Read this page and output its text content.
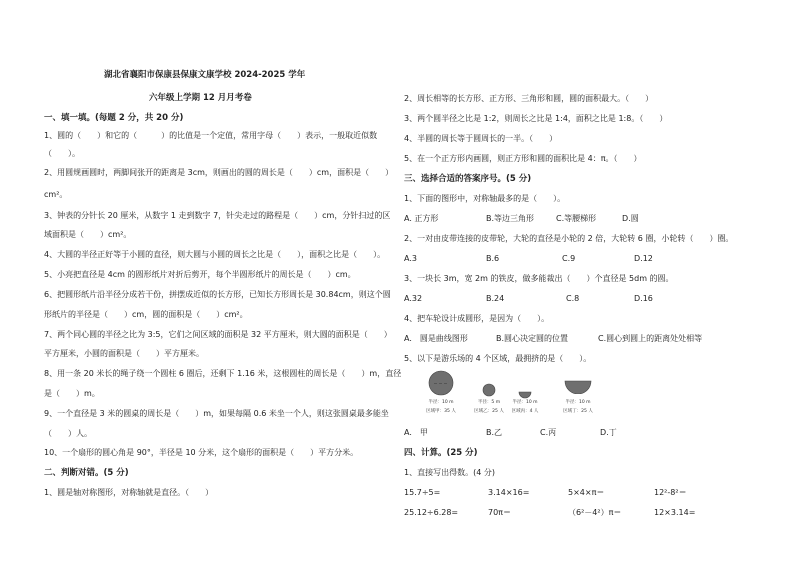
湖北省襄阳市保康县保康文康学校 2024-2025 学年
六年级上学期 12 月月考卷
一、填一填。(每题 2 分，共 20 分)
1、圆的（　　）和它的（　　　）的比值是一个定值，常用字母（　　）表示，一般取近似数
（　　）。
2、用圆规画圆时，两脚间张开的距离是 3cm，则画出的圆的周长是（　　）cm，面积是（　　）
cm²。
3、钟表的分针长 20 厘米，从数字 1 走到数字 7，针尖走过的路程是（　　）cm，分针扫过的区
域面积是（　　）cm²。
4、大圆的半径正好等于小圆的直径，则大圆与小圆的周长之比是（　　），面积之比是（　　）。
5、小亮把直径是 4cm 的圆形纸片对折后剪开，每个半圆形纸片的周长是（　　）cm。
6、把圆形纸片沿半径分成若干份，拼摆成近似的长方形，已知长方形周长是 30.84cm，则这个圆
形纸片的半径是（　　）cm，圆的面积是（　　）cm²。
7、两个同心圆的半径之比为 3:5，它们之间区域的面积是 32 平方厘米，则大圆的面积是（　　）
平方厘米，小圆的面积是（　　）平方厘米。
8、用一条 20 米长的绳子绕一个圆柱 6 圈后，还剩下 1.16 米，这根圆柱的周长是（　　）m，直径
是（　　）m。
9、一个直径是 3 米的圆桌的周长是（　　）m，如果每隔 0.6 米坐一个人，则这张圆桌最多能坐
（　　）人。
10、一个扇形的圆心角是 90°，半径是 10 分米，这个扇形的面积是（　　）平方分米。
二、判断对错。(5 分)
1、圆是轴对称图形，对称轴就是直径。（　　）
2、周长相等的长方形、正方形、三角形和圆，圆的面积最大。（　　）
3、两个圆半径之比是 1:2，则周长之比是 1:4，面积之比是 1:8。（　　）
4、半圆的周长等于圆周长的一半。（　　）
5、在一个正方形内画圆，则正方形和圆的面积比是 4：π。（　　）
三、选择合适的答案序号。(5 分)
1、下面的图形中，对称轴最多的是（　　）。
A. 正方形	B.等边三角形	C.等腰梯形	D.圆
2、一对由皮带连接的皮带轮，大轮的直径是小轮的 2 倍，大轮转 6 圈，小轮转（　　）圈。
A.3	B.6	C.9	D.12
3、一块长 3m，宽 2m 的铁皮，做多能裁出（　　）个直径是 5dm 的圆。
A.32	B.24	C.8	D.16
4、把车轮设计成圆形，是因为（　　）。
A.　圆是曲线图形	B.圆心决定圆的位置	C.圆心到圆上的距离处处相等
5、以下是游乐场的 4 个区域，最拥挤的是（　　）。
半径：10 m
区域甲：35 人
半径：5 m
区域乙：25 人
半径：10 m
区域丙：4 人
半径：10 m
区域丁：25 人
A.　甲	B.乙	C.丙	D.丁
四、计算。(25 分)
1、直接写出得数。(4 分)
15.7÷5=	3.14×16=	5×4×π＝	12²-8²＝
25.12÷6.28=	70π＝	（6²－4²）π＝	12×3.14=
